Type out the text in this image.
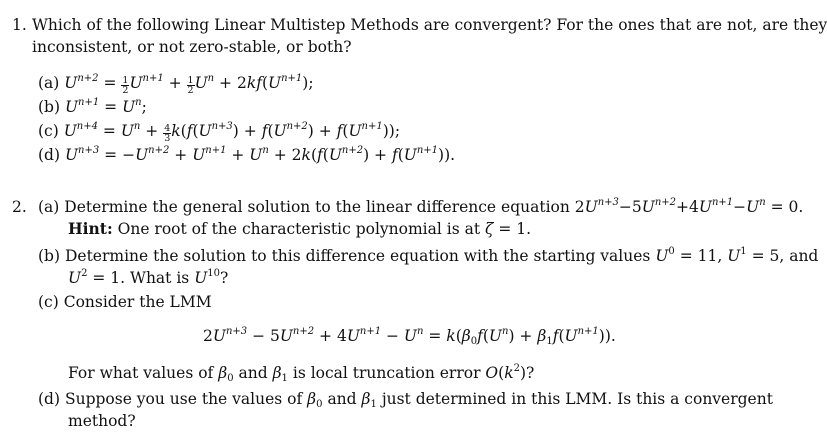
1. Which of the following Linear Multistep Methods are convergent? For the ones that are not, are they
inconsistent, or not zero-stable, or both?
(a) $U^{n+2} = \frac{1}{2} U^{n+1} + \frac{1}{2} U^n + 2kf(U^{n+1})$;
(b) $U^{n+1} = U^n$;
(c) $U^{n+4} = U^n + \frac{4}{3} k(f(U^{n+3}) + f(U^{n+2}) + f(U^{n+1}))$;
(d) $U^{n+3} = -U^{n+2} + U^{n+1} + U^n + 2k(f(U^{n+2}) + f(U^{n+1}))$.
2. (a) Determine the general solution to the linear difference equation $2U^{n+3}-5U^{n+2}+4U^{n+1}-U^n = 0$.
Hint: One root of the characteristic polynomial is at ζ = 1.
(b) Determine the solution to this difference equation with the starting values $U^0 = 11$, $U^1 = 5$, and
$U^2 = 1$. What is $U^{10}$?
(c) Consider the LMM
$2U^{n+3} - 5U^{n+2} + 4U^{n+1} - U^n = k(\beta_0f(U^n) + \beta_1f(U^{n+1}))$.
For what values of $\beta_0$ and $\beta_1$ is local truncation error $O(k^2)$?
(d) Suppose you use the values of $\beta_0$ and $\beta_1$ just determined in this LMM. Is this a convergent
method?
